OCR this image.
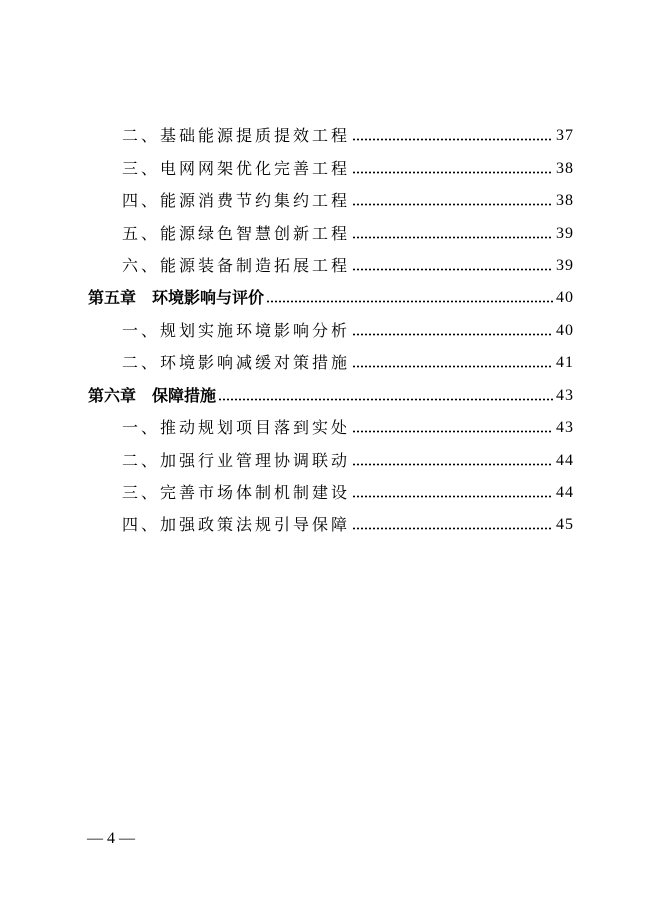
二、基础能源提质提效工程	37
三、电网网架优化完善工程	38
四、能源消费节约集约工程	38
五、能源绿色智慧创新工程	39
六、能源装备制造拓展工程	39
第五章 环境影响与评价	40
一、规划实施环境影响分析	40
二、环境影响减缓对策措施	41
第六章 保障措施	43
一、推动规划项目落到实处	43
二、加强行业管理协调联动	44
三、完善市场体制机制建设	44
四、加强政策法规引导保障	45
— 4 —
